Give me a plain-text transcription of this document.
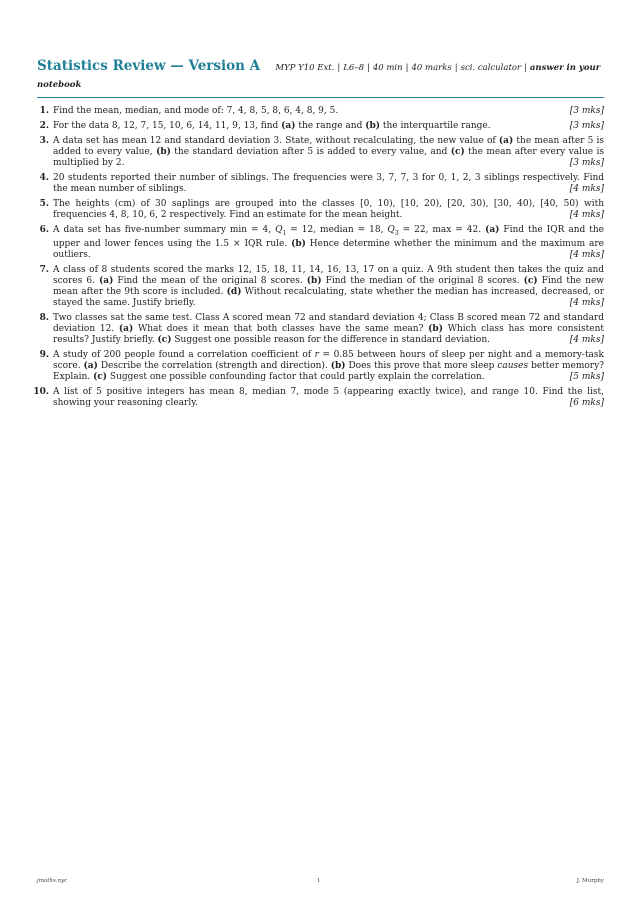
Statistics Review — Version A MYP Y10 Ext. | L6–8 | 40 min | 40 marks | sci. calculator | answer in your notebook
1. Find the mean, median, and mode of: 7, 4, 8, 5, 8, 6, 4, 8, 9, 5.	[3 mks]
2. For the data 8, 12, 7, 15, 10, 6, 14, 11, 9, 13, find (a) the range and (b) the interquartile range.	[3 mks]
3. A data set has mean 12 and standard deviation 3. State, without recalculating, the new value of (a) the mean after 5 is added to every value, (b) the standard deviation after 5 is added to every value, and (c) the mean after every value is multiplied by 2.	[3 mks]
4. 20 students reported their number of siblings. The frequencies were 3, 7, 7, 3 for 0, 1, 2, 3 siblings respectively. Find the mean number of siblings.	[4 mks]
5. The heights (cm) of 30 saplings are grouped into the classes [0, 10), [10, 20), [20, 30), [30, 40), [40, 50) with frequencies 4, 8, 10, 6, 2 respectively. Find an estimate for the mean height.	[4 mks]
6. A data set has five-number summary min = 4, $Q_1 = 12$, median = 18, $Q_3 = 22$, max = 42. (a) Find the IQR and the upper and lower fences using the 1.5 × IQR rule. (b) Hence determine whether the minimum and the maximum are outliers.	[4 mks]
7. A class of 8 students scored the marks 12, 15, 18, 11, 14, 16, 13, 17 on a quiz. A 9th student then takes the quiz and scores 6. (a) Find the mean of the original 8 scores. (b) Find the median of the original 8 scores. (c) Find the new mean after the 9th score is included. (d) Without recalculating, state whether the median has increased, decreased, or stayed the same. Justify briefly.	[4 mks]
8. Two classes sat the same test. Class A scored mean 72 and standard deviation 4; Class B scored mean 72 and standard deviation 12. (a) What does it mean that both classes have the same mean? (b) Which class has more consistent results? Justify briefly. (c) Suggest one possible reason for the difference in standard deviation.	[4 mks]
9. A study of 200 people found a correlation coefficient of r = 0.85 between hours of sleep per night and a memory-task score. (a) Describe the correlation (strength and direction). (b) Does this prove that more sleep causes better memory? Explain. (c) Suggest one possible confounding factor that could partly explain the correlation.	[5 mks]
10. A list of 5 positive integers has mean 8, median 7, mode 5 (appearing exactly twice), and range 10. Find the list, showing your reasoning clearly.	[6 mks]
jmaths.nyc	1	J. Murphy
